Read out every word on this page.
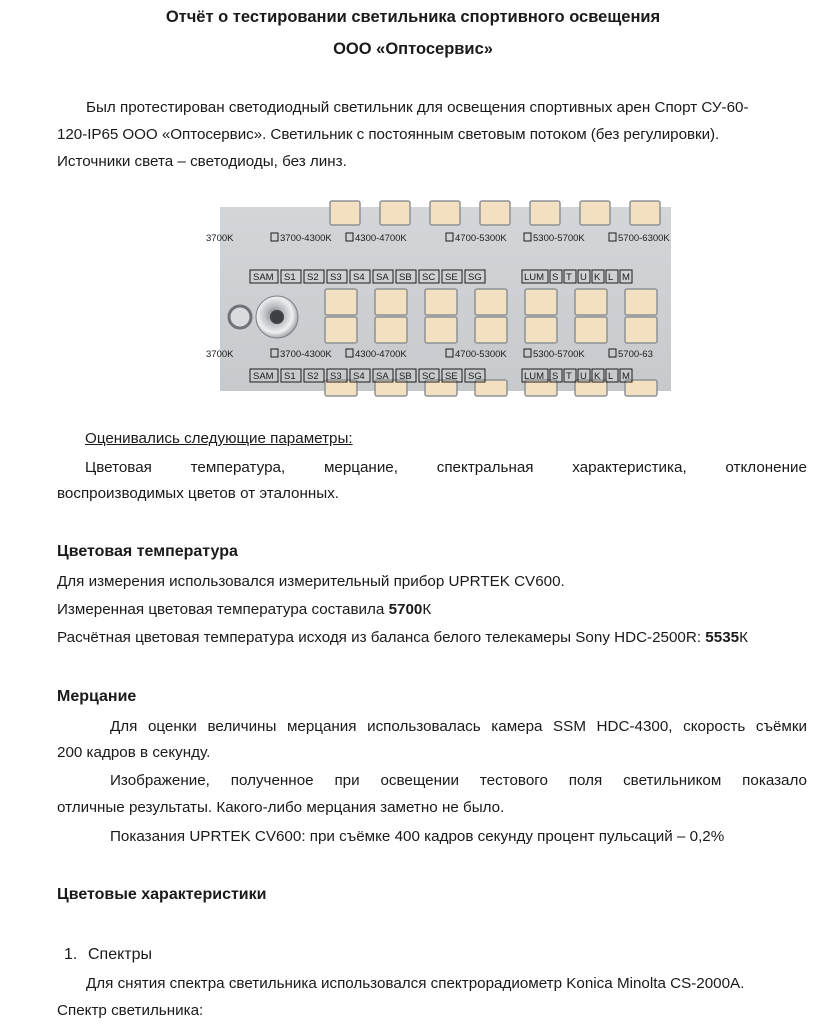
Отчёт о тестировании светильника спортивного освещения
ООО «Оптосервис»
Был протестирован светодиодный светильник для освещения спортивных арен Спорт СУ-60-
120-IP65 ООО «Оптосервис». Светильник с постоянным световым потоком (без регулировки).
Источники света – светодиоды, без линз.
3700K	3700-4300K 4300-4700K	4700-5300K	5300-5700K	5700-6300K
SAM S1 S2 S3 S4 SA SB SC SE SG	LUM S T U K L M
3700K	3700-4300K 4300-4700K	4700-5300K	5300-5700K	5700-63
SAM S1 S2 S3 S4 SA SB SC SE SG	LUM S T U K L M
Оценивались следующие параметры:
Цветовая	температура,	мерцание,	спектральная	характеристика,	отклонение
воспроизводимых цветов от эталонных.
Цветовая температура
Для измерения использовался измерительный прибор UPRTEK CV600.
Измеренная цветовая температура составила 5700К
Расчётная цветовая температура исходя из баланса белого телекамеры Sony HDC-2500R: 5535К
Мерцание
Для оценки величины мерцания использовалась камера SSM HDC-4300, скорость съёмки
200 кадров в секунду.
Изображение, полученное при освещении тестового поля светильником показало
отличные результаты. Какого-либо мерцания заметно не было.
Показания UPRTEK CV600: при съёмке 400 кадров секунду процент пульсаций – 0,2%
Цветовые характеристики
1. Спектры
Для снятия спектра светильника использовался спектрорадиометр Konica Minolta CS-2000A.
Спектр светильника:
